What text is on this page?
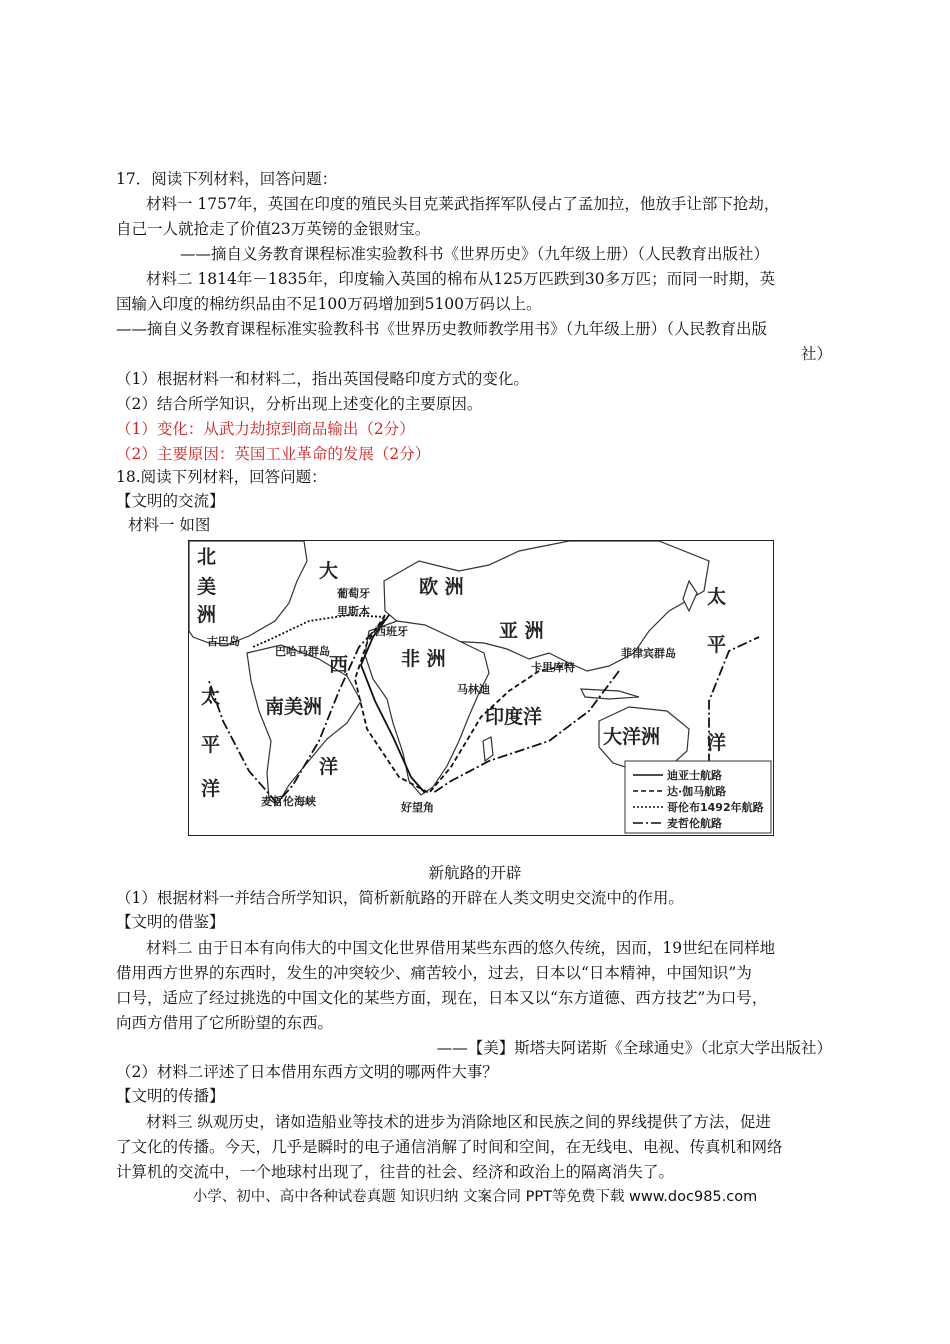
17．阅读下列材料，回答问题：
材料一 1757年，英国在印度的殖民头目克莱武指挥军队侵占了孟加拉，他放手让部下抢劫，
自己一人就抢走了价值23万英镑的金银财宝。
——摘自义务教育课程标准实验教科书《世界历史》（九年级上册）（人民教育出版社）
材料二 1814年－1835年，印度输入英国的棉布从125万匹跌到30多万匹；而同一时期，英
国输入印度的棉纺织品由不足100万码增加到5100万码以上。
——摘自义务教育课程标准实验教科书《世界历史教师教学用书》（九年级上册）（人民教育出版
社）
（1）根据材料一和材料二，指出英国侵略印度方式的变化。
（2）结合所学知识，分析出现上述变化的主要原因。
（1）变化：从武力劫掠到商品输出（2分）
（2）主要原因：英国工业革命的发展（2分）
18.阅读下列材料，回答问题：
【文明的交流】
材料一 如图
北
美
洲
大
西
洋
太
平
洋
太
平
洋
欧 洲
亚 洲
非 洲
南美洲	印度洋
大洋洲
葡萄牙
里斯本
西班牙
古巴岛
巴哈马群岛
卡里库特
菲律宾群岛
马林迪
好望角
麦哲伦海峡
迪亚士航路
达·伽马航路
哥伦布1492年航路
麦哲伦航路
新航路的开辟
（1）根据材料一并结合所学知识，简析新航路的开辟在人类文明史交流中的作用。
【文明的借鉴】
材料二 由于日本有向伟大的中国文化世界借用某些东西的悠久传统，因而，19世纪在同样地
借用西方世界的东西时，发生的冲突较少、痛苦较小，过去，日本以“日本精神，中国知识”为
口号，适应了经过挑选的中国文化的某些方面，现在，日本又以“东方道德、西方技艺”为口号，
向西方借用了它所盼望的东西。
——【美】斯塔夫阿诺斯《全球通史》（北京大学出版社）
（2）材料二评述了日本借用东西方文明的哪两件大事？
【文明的传播】
材料三 纵观历史，诸如造船业等技术的进步为消除地区和民族之间的界线提供了方法，促进
了文化的传播。今天，几乎是瞬时的电子通信消解了时间和空间，在无线电、电视、传真机和网络
计算机的交流中，一个地球村出现了，往昔的社会、经济和政治上的隔离消失了。
小学、初中、高中各种试卷真题 知识归纳 文案合同 PPT等免费下载 www.doc985.com
